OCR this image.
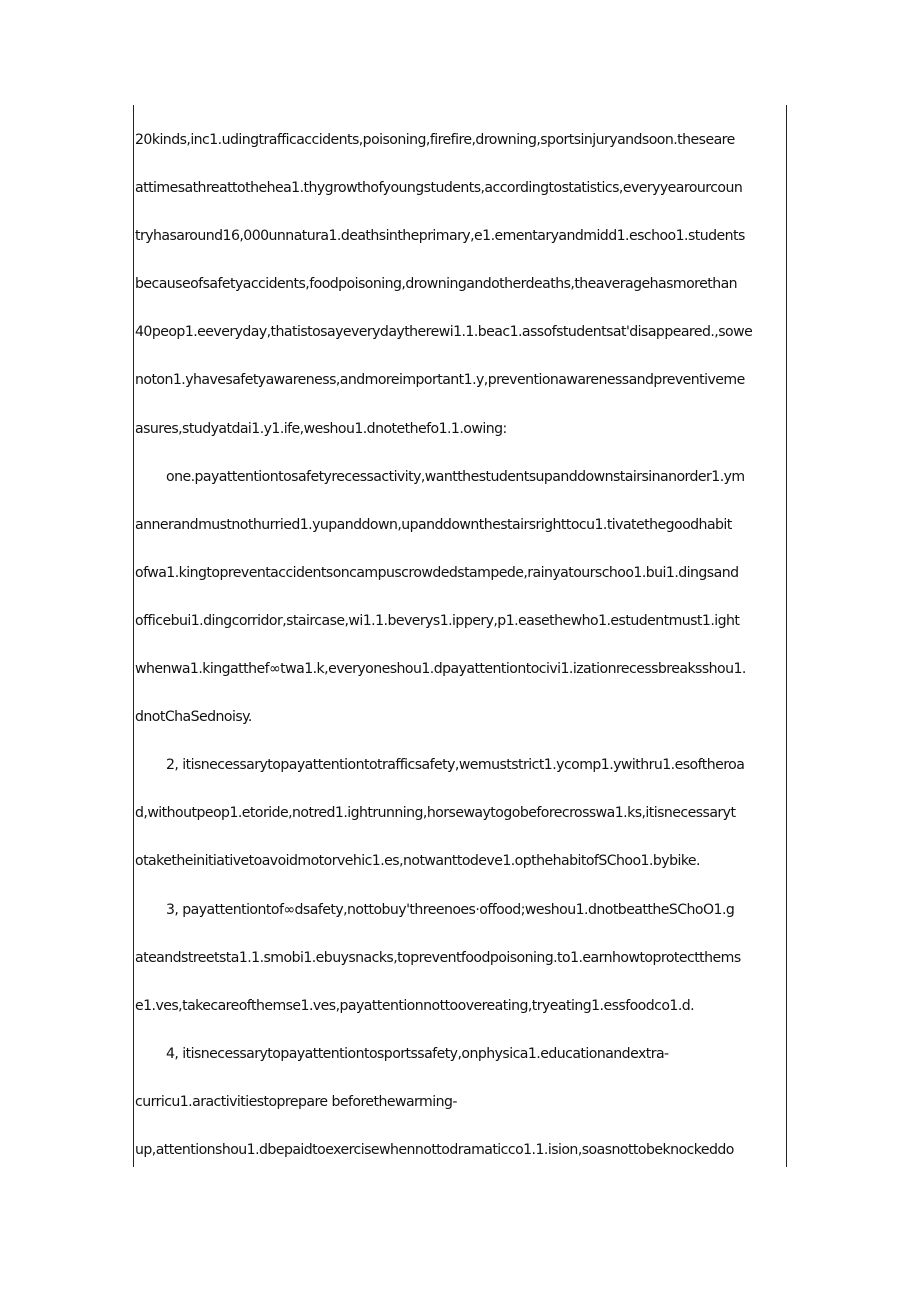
20kinds,inc1.udingtrafficaccidents,poisoning,firefire,drowning,sportsinjuryandsoon.theseare
attimesathreattothehea1.thygrowthofyoungstudents,accordingtostatistics,everyyearourcoun
tryhasaround16,000unnatura1.deathsintheprimary,e1.ementaryandmidd1.eschoo1.students
becauseofsafetyaccidents,foodpoisoning,drowningandotherdeaths,theaveragehasmorethan
40peop1.eeveryday,thatistosayeverydaytherewi1.1.beac1.assofstudentsat'disappeared.,sowe
noton1.yhavesafetyawareness,andmoreimportant1.y,preventionawarenessandpreventiveme
asures,studyatdai1.y1.ife,weshou1.dnotethefo1.1.owing:
one.payattentiontosafetyrecessactivity,wantthestudentsupanddownstairsinanorder1.ym
annerandmustnothurried1.yupanddown,upanddownthestairsrighttocu1.tivatethegoodhabit
ofwa1.kingtopreventaccidentsoncampuscrowdedstampede,rainyatourschoo1.bui1.dingsand
officebui1.dingcorridor,staircase,wi1.1.beverys1.ippery,p1.easethewho1.estudentmust1.ight
whenwa1.kingatthef∞twa1.k,everyoneshou1.dpayattentiontocivi1.izationrecessbreaksshou1.
dnotChaSednoisy.
2, itisnecessarytopayattentiontotrafficsafety,wemuststrict1.ycomp1.ywithru1.esoftheroa
d,withoutpeop1.etoride,notred1.ightrunning,horsewaytogobeforecrosswa1.ks,itisnecessaryt
otaketheinitiativetoavoidmotorvehic1.es,notwanttodeve1.opthehabitofSChoo1.bybike.
3, payattentiontof∞dsafety,nottobuy'threenoes·offood;weshou1.dnotbeattheSChoO1.g
ateandstreetsta1.1.smobi1.ebuysnacks,topreventfoodpoisoning.to1.earnhowtoprotectthems
e1.ves,takecareofthemse1.ves,payattentionnottoovereating,tryeating1.essfoodco1.d.
4, itisnecessarytopayattentiontosportssafety,onphysica1.educationandextra-
curricu1.aractivitiestoprepare beforethewarming-
up,attentionshou1.dbepaidtoexercisewhennottodramaticco1.1.ision,soasnottobeknockeddo
